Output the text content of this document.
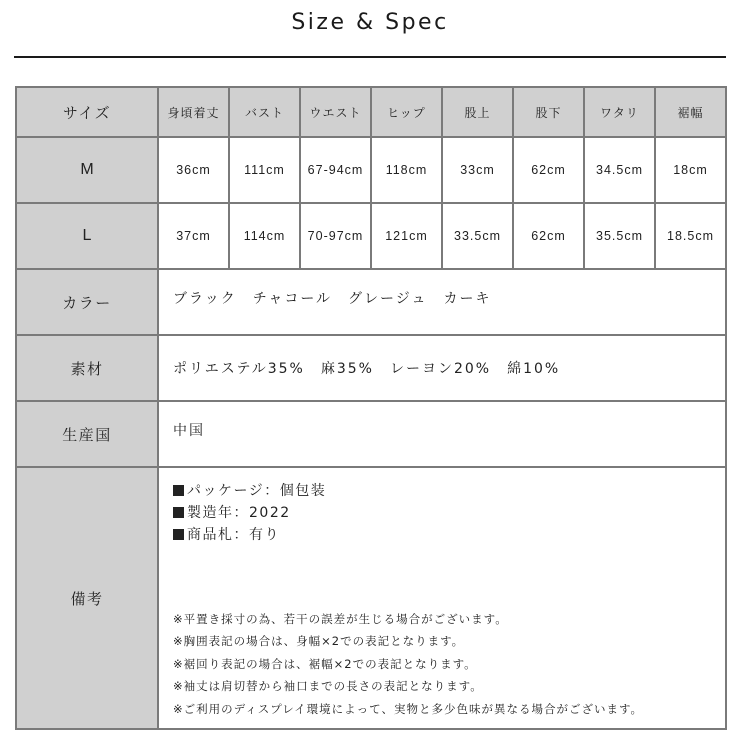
Size & Spec
サイズ	身頃着丈	バスト	ウエスト	ヒップ	股上	股下	ワタリ	裾幅
M	36cm	111cm	67-94cm	118cm	33cm	62cm	34.5cm	18cm
L	37cm	114cm	70-97cm	121cm	33.5cm	62cm	35.5cm	18.5cm
カラー	ブラック チャコール グレージュ カーキ							
素材	ポリエステル35% 麻35% レーヨン20% 綿10%							
生産国	中国							
備考	
パッケージ：個包装
製造年：2022
商品札：有り
※平置き採寸の為、若干の誤差が生じる場合がございます。
※胸囲表記の場合は、身幅×2での表記となります。
※裾回り表記の場合は、裾幅×2での表記となります。
※袖丈は肩切替から袖口までの長さの表記となります。
※ご利用のディスプレイ環境によって、実物と多少色味が異なる場合がございます。
